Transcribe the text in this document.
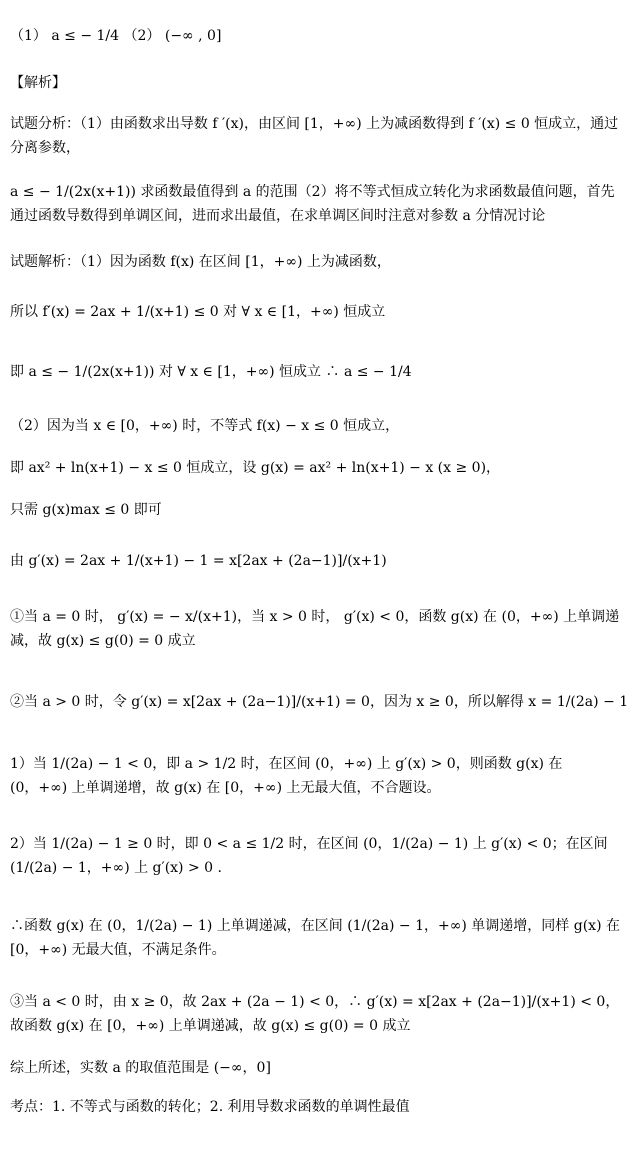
（1） a ≤ − 1/4 （2） (−∞ , 0]
【解析】
试题分析：（1）由函数求出导数 f ′(x)，由区间 [1，+∞) 上为减函数得到 f ′(x) ≤ 0 恒成立，通过分离参数，
a ≤ − 1/(2x(x+1)) 求函数最值得到 a 的范围（2）将不等式恒成立转化为求函数最值问题，首先通过函数导数得到单调区间，进而求出最值，在求单调区间时注意对参数 a 分情况讨论
试题解析：（1）因为函数 f(x) 在区间 [1，+∞) 上为减函数，
所以 f′(x) = 2ax + 1/(x+1) ≤ 0 对 ∀ x ∈ [1，+∞) 恒成立
即 a ≤ − 1/(2x(x+1)) 对 ∀ x ∈ [1，+∞) 恒成立 ∴ a ≤ − 1/4
（2）因为当 x ∈ [0，+∞) 时，不等式 f(x) − x ≤ 0 恒成立，
即 ax² + ln(x+1) − x ≤ 0 恒成立，设 g(x) = ax² + ln(x+1) − x (x ≥ 0)，
只需 g(x)max ≤ 0 即可
由 g′(x) = 2ax + 1/(x+1) − 1 = x[2ax + (2a−1)]/(x+1)
①当 a = 0 时， g′(x) = − x/(x+1)，当 x > 0 时， g′(x) < 0，函数 g(x) 在 (0，+∞) 上单调递减，故 g(x) ≤ g(0) = 0 成立
②当 a > 0 时，令 g′(x) = x[2ax + (2a−1)]/(x+1) = 0，因为 x ≥ 0，所以解得 x = 1/(2a) − 1
1）当 1/(2a) − 1 < 0，即 a > 1/2 时，在区间 (0，+∞) 上 g′(x) > 0，则函数 g(x) 在 (0，+∞) 上单调递增，故 g(x) 在 [0，+∞) 上无最大值，不合题设。
2）当 1/(2a) − 1 ≥ 0 时，即 0 < a ≤ 1/2 时，在区间 (0，1/(2a) − 1) 上 g′(x) < 0；在区间 (1/(2a) − 1，+∞) 上 g′(x) > 0 .
∴函数 g(x) 在 (0，1/(2a) − 1) 上单调递减，在区间 (1/(2a) − 1，+∞) 单调递增，同样 g(x) 在 [0，+∞) 无最大值，不满足条件。
③当 a < 0 时，由 x ≥ 0，故 2ax + (2a − 1) < 0，∴ g′(x) = x[2ax + (2a−1)]/(x+1) < 0，故函数 g(x) 在 [0，+∞) 上单调递减，故 g(x) ≤ g(0) = 0 成立
综上所述，实数 a 的取值范围是 (−∞，0]
考点：1. 不等式与函数的转化；2. 利用导数求函数的单调性最值
